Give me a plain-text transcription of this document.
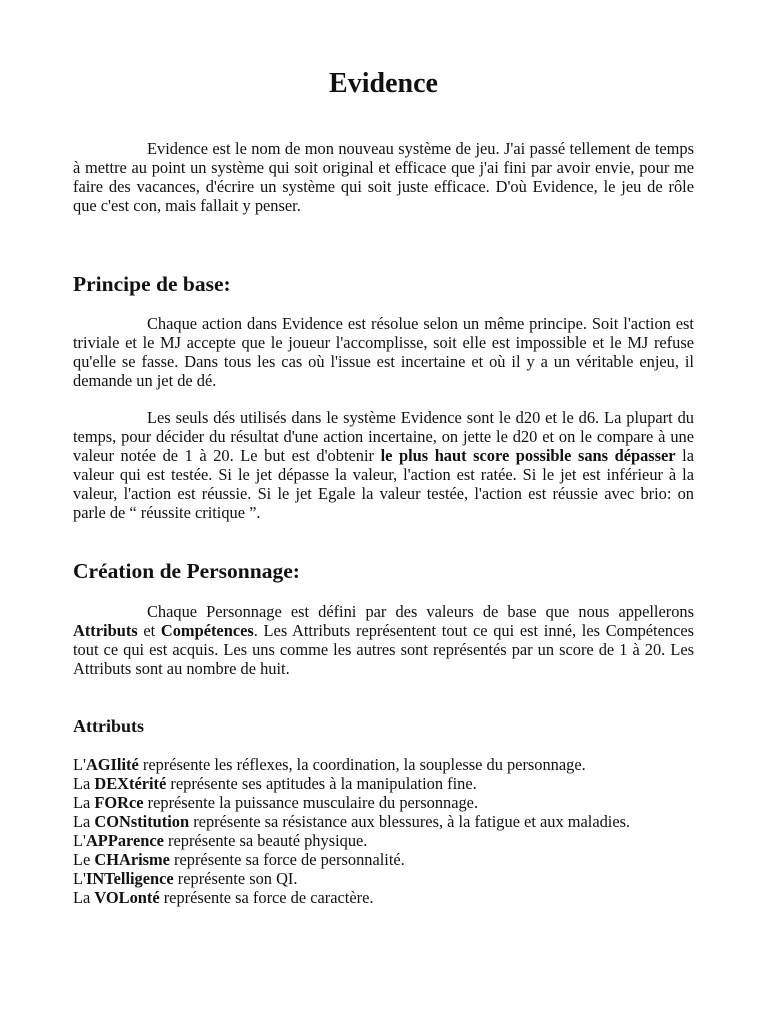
Evidence

Evidence est le nom de mon nouveau système de jeu. J'ai passé tellement de temps à mettre au point un système qui soit original et efficace que j'ai fini par avoir envie, pour me faire des vacances, d'écrire un système qui soit juste efficace. D'où Evidence, le jeu de rôle que c'est con, mais fallait y penser.

Principe de base:

Chaque action dans Evidence est résolue selon un même principe. Soit l'action est triviale et le MJ accepte que le joueur l'accomplisse, soit elle est impossible et le MJ refuse qu'elle se fasse. Dans tous les cas où l'issue est incertaine et où il y a un véritable enjeu, il demande un jet de dé.

Les seuls dés utilisés dans le système Evidence sont le d20 et le d6. La plupart du temps, pour décider du résultat d'une action incertaine, on jette le d20 et on le compare à une valeur notée de 1 à 20. Le but est d'obtenir le plus haut score possible sans dépasser la valeur qui est testée. Si le jet dépasse la valeur, l'action est ratée. Si le jet est inférieur à la valeur, l'action est réussie. Si le jet Egale la valeur testée, l'action est réussie avec brio: on parle de “ réussite critique ”.

Création de Personnage:

Chaque Personnage est défini par des valeurs de base que nous appellerons Attributs et Compétences. Les Attributs représentent tout ce qui est inné, les Compétences tout ce qui est acquis. Les uns comme les autres sont représentés par un score de 1 à 20. Les Attributs sont au nombre de huit.

Attributs
L'AGIlité représente les réflexes, la coordination, la souplesse du personnage.
La DEXtérité représente ses aptitudes à la manipulation fine.
La FORce représente la puissance musculaire du personnage.
La CONstitution représente sa résistance aux blessures, à la fatigue et aux maladies.
L'APParence représente sa beauté physique.
Le CHArisme représente sa force de personnalité.
L'INTelligence représente son QI.
La VOLonté représente sa force de caractère.
